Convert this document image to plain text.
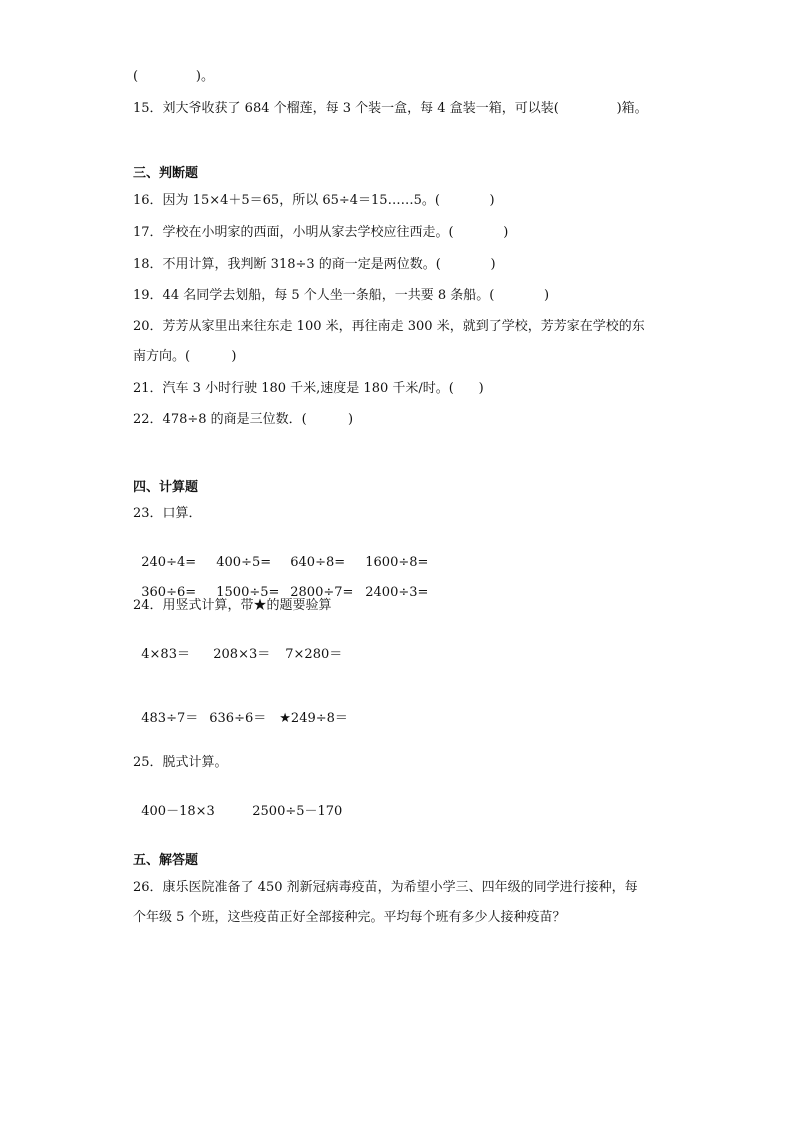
(              )。
15．刘大爷收获了 684 个榴莲，每 3 个装一盒，每 4 盒装一箱，可以装(              )箱。
三、判断题
16．因为 15×4＋5＝65，所以 65÷4＝15……5。(            )
17．学校在小明家的西面，小明从家去学校应往西走。(            )
18．不用计算，我判断 318÷3 的商一定是两位数。(            )
19．44 名同学去划船，每 5 个人坐一条船，一共要 8 条船。(            )
20．芳芳从家里出来往东走 100 米，再往南走 300 米，就到了学校，芳芳家在学校的东
南方向。(          )
21．汽车 3 小时行驶 180 千米,速度是 180 千米/时。(      )
22．478÷8 的商是三位数．(          )
四、计算题
23．口算．

240÷4= 400÷5= 640÷8= 1600÷8=

360÷6= 1500÷5= 2800÷7= 2400÷3=

24．用竖式计算，带★的题要验算

4×83＝ 208×3＝ 7×280＝

483÷7＝ 636÷6＝ ★249÷8＝

25．脱式计算。

400－18×3	2500÷5－170

五、解答题
26．康乐医院准备了 450 剂新冠病毒疫苗，为希望小学三、四年级的同学进行接种，每
个年级 5 个班，这些疫苗正好全部接种完。平均每个班有多少人接种疫苗？
